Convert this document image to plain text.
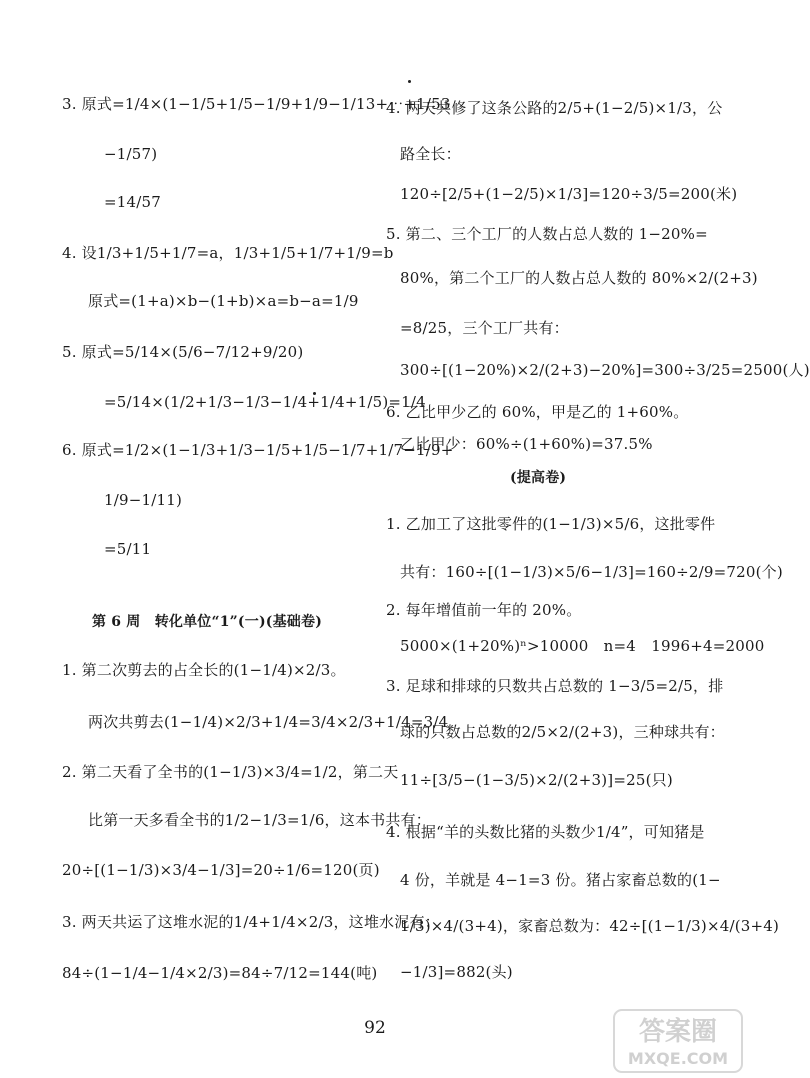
3. 原式=1/4×(1−1/5+1/5−1/9+1/9−1/13+⋯+1/53
−1/57)
=14/57
4. 设1/3+1/5+1/7=a，1/3+1/5+1/7+1/9=b
原式=(1+a)×b−(1+b)×a=b−a=1/9
5. 原式=5/14×(5/6−7/12+9/20)
=5/14×(1/2+1/3−1/3−1/4+1/4+1/5)=1/4
6. 原式=1/2×(1−1/3+1/3−1/5+1/5−1/7+1/7−1/9+
1/9−1/11)
=5/11
第 6 周　转化单位“1”(一)(基础卷)
1. 第二次剪去的占全长的(1−1/4)×2/3。
两次共剪去(1−1/4)×2/3+1/4=3/4×2/3+1/4=3/4
2. 第二天看了全书的(1−1/3)×3/4=1/2，第二天
比第一天多看全书的1/2−1/3=1/6，这本书共有：
20÷[(1−1/3)×3/4−1/3]=20÷1/6=120(页)
3. 两天共运了这堆水泥的1/4+1/4×2/3，这堆水泥有：
84÷(1−1/4−1/4×2/3)=84÷7/12=144(吨)
4. 两天共修了这条公路的2/5+(1−2/5)×1/3，公
路全长：
120÷[2/5+(1−2/5)×1/3]=120÷3/5=200(米)
5. 第二、三个工厂的人数占总人数的 1−20%=
80%，第二个工厂的人数占总人数的 80%×2/(2+3)
=8/25，三个工厂共有：
300÷[(1−20%)×2/(2+3)−20%]=300÷3/25=2500(人)
6. 乙比甲少乙的 60%，甲是乙的 1+60%。
乙比甲少：60%÷(1+60%)=37.5%
(提高卷)
1. 乙加工了这批零件的(1−1/3)×5/6，这批零件
共有：160÷[(1−1/3)×5/6−1/3]=160÷2/9=720(个)
2. 每年增值前一年的 20%。
5000×(1+20%)ⁿ>10000　n=4　1996+4=2000
3. 足球和排球的只数共占总数的 1−3/5=2/5，排
球的只数占总数的2/5×2/(2+3)，三种球共有：
11÷[3/5−(1−3/5)×2/(2+3)]=25(只)
4. 根据“羊的头数比猪的头数少1/4”，可知猪是
4 份，羊就是 4−1=3 份。猪占家畜总数的(1−
1/3)×4/(3+4)，家畜总数为：42÷[(1−1/3)×4/(3+4)
−1/3]=882(头)
92	答案圈
MXQE.COM
